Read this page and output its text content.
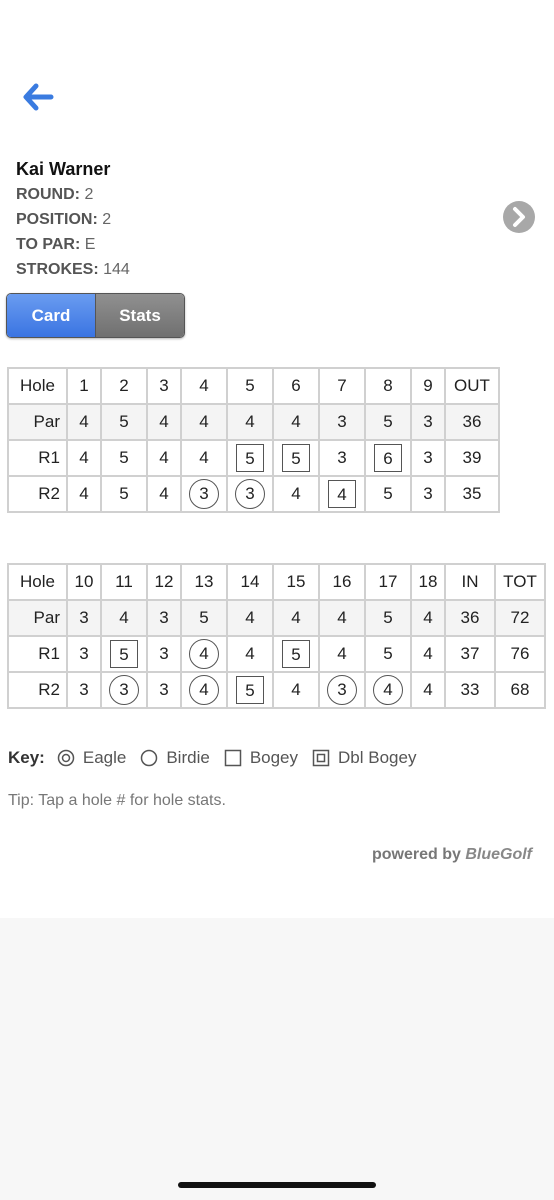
Kai Warner
ROUND: 2
POSITION: 2
TO PAR: E
STROKES: 144
Card	Stats
Hole	1	2	3	4	5	6	7	8	9	OUT
Par	4	5	4	4	4	4	3	5	3	36
R1	4	5	4	4	5	5	3	6	3	39
R2	4	5	4	3	3	4	4	5	3	35
Hole	10	11	12	13	14	15	16	17	18	IN	TOT
Par	3	4	3	5	4	4	4	5	4	36	72
R1	3	5	3	4	4	5	4	5	4	37	76
R2	3	3	3	4	5	4	3	4	4	33	68
Key: Eagle Birdie Bogey Dbl Bogey
Tip: Tap a hole # for hole stats.
powered by BlueGolf
